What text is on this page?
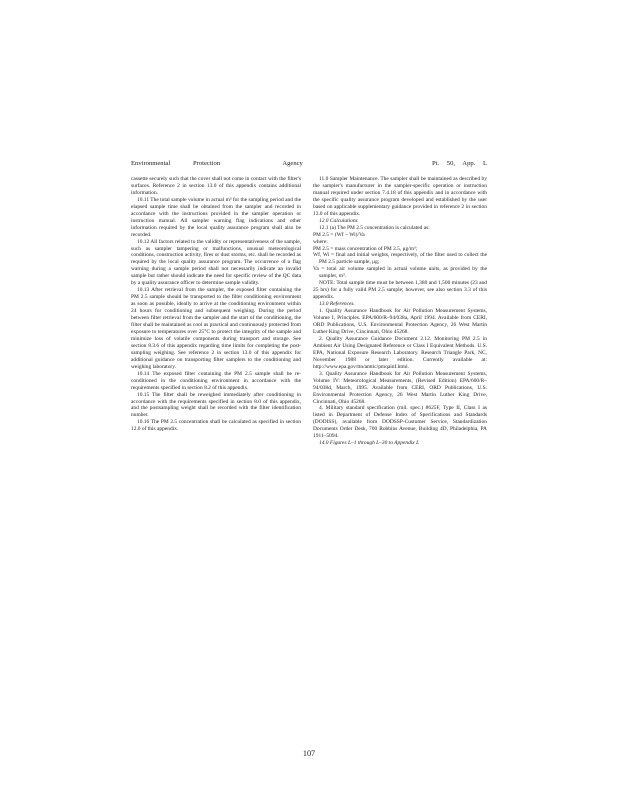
Environmental	Protection    Agency	Pt. 50, App. L

cassette securely such that the cover shall not come in contact with the filter's surfaces. Reference 2 in section 13.0 of this appendix contains additional information.

10.11 The total sample volume in actual m³ for the sampling period and the elapsed sample time shall be obtained from the sampler and recorded in accordance with the instructions provided in the sampler operation or instruction manual. All sampler warning flag indications and other information required by the local quality assurance program shall also be recorded.

10.12 All factors related to the validity or representativeness of the sample, such as sampler tampering or malfunctions, unusual meteorological conditions, construction activity, fires or dust storms, etc. shall be recorded as required by the local quality assurance program. The occurrence of a flag warning during a sample period shall not necessarily indicate an invalid sample but rather should indicate the need for specific review of the QC data by a quality assurance officer to determine sample validity.

10.13 After retrieval from the sampler, the exposed filter containing the PM 2.5 sample should be transported to the filter conditioning environment as soon as possible, ideally to arrive at the conditioning environment within 24 hours for conditioning and subsequent weighing. During the period between filter retrieval from the sampler and the start of the conditioning, the filter shall be maintained as cool as practical and continuously protected from exposure to temperatures over 25°C to protect the integrity of the sample and minimize loss of volatile components during transport and storage. See section 8.3.6 of this appendix regarding time limits for completing the post-sampling weighing. See reference 2 in section 13.0 of this appendix for additional guidance on transporting filter samplers to the conditioning and weighing laboratory.

10.14 The exposed filter containing the PM 2.5 sample shall be re-conditioned in the conditioning environment in accordance with the requirements specified in section 8.2 of this appendix.

10.15 The filter shall be reweighed immediately after conditioning in accordance with the requirements specified in section 8.0 of this appendix, and the postsampling weight shall be recorded with the filter identification number.

10.16 The PM 2.5 concentration shall be calculated as specified in section 12.0 of this appendix.

11.0 Sampler Maintenance. The sampler shall be maintained as described by the sampler's manufacturer in the sampler-specific operation or instruction manual required under section 7.4.18 of this appendix and in accordance with the specific quality assurance program developed and established by the user based on applicable supplementary guidance provided in reference 2 in section 13.0 of this appendix.

12.0 Calculations

12.1 (a) The PM 2.5 concentration is calculated as:

PM 2.5 = (Wf − Wi)/Va

where:

PM 2.5 = mass concentration of PM 2.5, μg/m³;

Wf, Wi = final and initial weights, respectively, of the filter used to collect the PM 2.5 particle sample, μg;

Va = total air volume sampled in actual volume units, as provided by the sampler, m³.

NOTE: Total sample time must be between 1,380 and 1,500 minutes (23 and 25 hrs) for a fully valid PM 2.5 sample; however, see also section 3.3 of this appendix.

13.0 References.

1. Quality Assurance Handbook for Air Pollution Measurement Systems, Volume I, Principles. EPA/600/R–94/038a, April 1994. Available from CERI, ORD Publications, U.S. Environmental Protection Agency, 26 West Martin Luther King Drive, Cincinnati, Ohio 45268.

2. Quality Assurance Guidance Document 2.12. Monitoring PM 2.5 in Ambient Air Using Designated Reference or Class I Equivalent Methods. U.S. EPA, National Exposure Research Laboratory. Research Triangle Park, NC, November 1988 or later edition. Currently available at: http://www.epa.gov/ttn/amtic/pmqainf.html.

3. Quality Assurance Handbook for Air Pollution Measurement Systems, Volume IV: Meteorological Measurements, (Revised Edition) EPA/600/R–94/038d, March, 1995. Available from CERI, ORD Publications, U.S. Environmental Protection Agency, 26 West Martin Luther King Drive, Cincinnati, Ohio 45268.

4. Military standard specification (mil. spec.) 8625F, Type II, Class I as listed in Department of Defense Index of Specifications and Standards (DODISS), available from DODSSP-Customer Service, Standardization Documents Order Desk, 700 Robbins Avenue, Building 4D, Philadelphia, PA 1911–5094.

14.0 Figures L–1 through L–30 to Appendix L

107
